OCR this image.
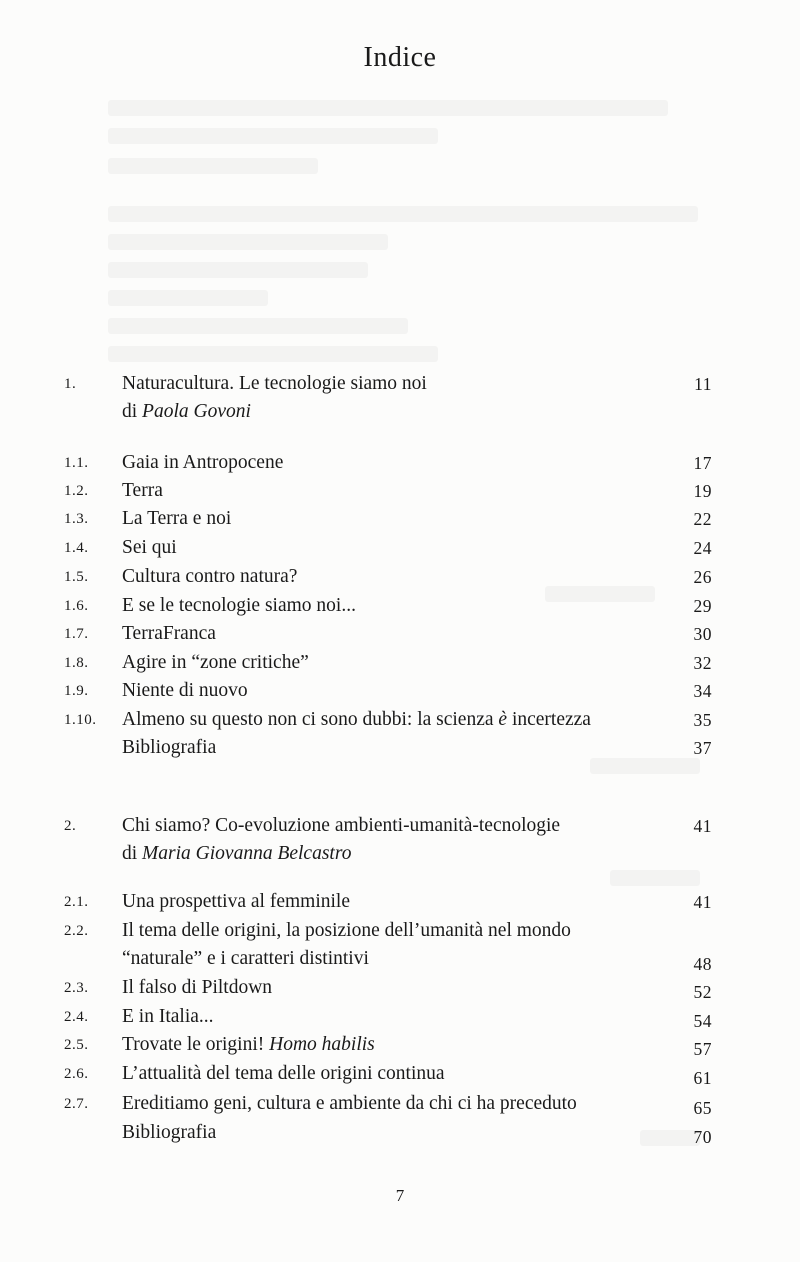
Indice
1. Naturacultura. Le tecnologie siamo noi	11
di Paola Govoni
1.1. Gaia in Antropocene	17
1.2. Terra	19
1.3. La Terra e noi	22
1.4. Sei qui	24
1.5. Cultura contro natura?	26
1.6. E se le tecnologie siamo noi...	29
1.7. TerraFranca	30
1.8. Agire in “zone critiche”	32
1.9. Niente di nuovo	34
1.10. Almeno su questo non ci sono dubbi: la scienza è incertezza	35
Bibliografia	37
2. Chi siamo? Co-evoluzione ambienti-umanità-tecnologie	41
di Maria Giovanna Belcastro
2.1. Una prospettiva al femminile	41
2.2. Il tema delle origini, la posizione dell’umanità nel mondo
“naturale” e i caratteri distintivi	48
2.3. Il falso di Piltdown	52
2.4. E in Italia...	54
2.5. Trovate le origini! Homo habilis	57
2.6. L’attualità del tema delle origini continua	61
2.7. Ereditiamo geni, cultura e ambiente da chi ci ha preceduto	65
Bibliografia	70
7
